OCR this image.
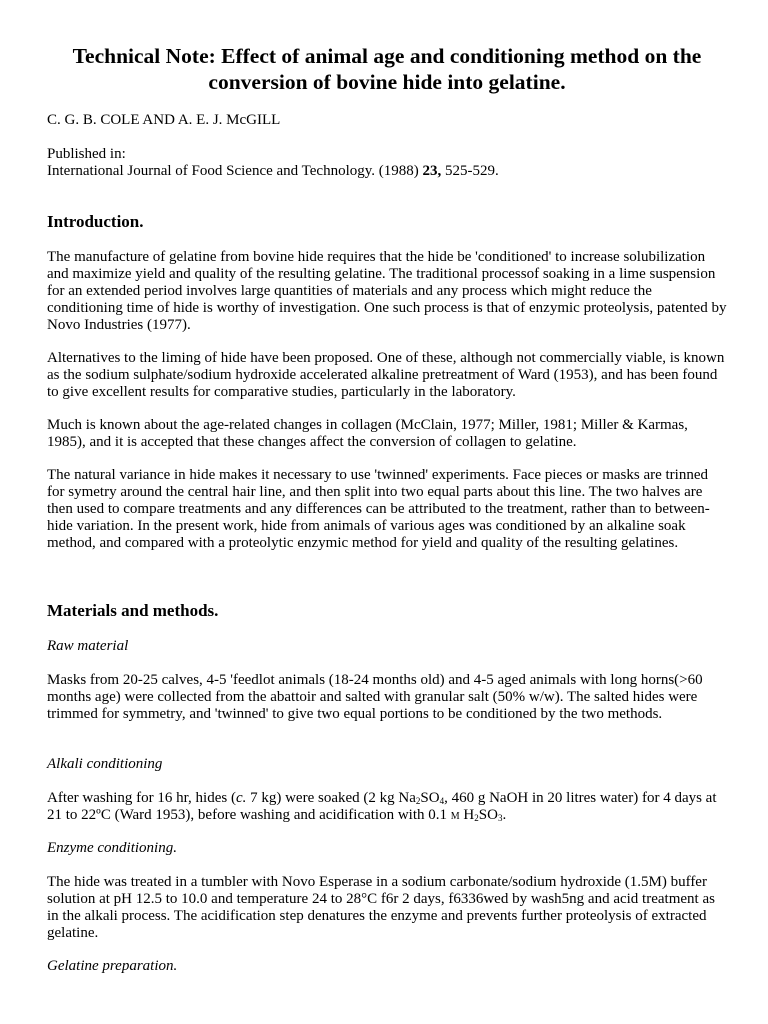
Technical Note: Effect of animal age and conditioning method on the conversion of bovine hide into gelatine.

C. G. B. COLE AND A. E. J. McGILL

Published in:
International Journal of Food Science and Technology. (1988) 23, 525-529.
Introduction.

The manufacture of gelatine from bovine hide requires that the hide be 'conditioned' to increase solubilization and maximize yield and quality of the resulting gelatine. The traditional processof soaking in a lime suspension for an extended period involves large quantities of materials and any process which might reduce the conditioning time of hide is worthy of investigation. One such process is that of enzymic proteolysis, patented by Novo Industries (1977).

Alternatives to the liming of hide have been proposed. One of these, although not commercially viable, is known as the sodium sulphate/sodium hydroxide accelerated alkaline pretreatment of Ward (1953), and has been found to give excellent results for comparative studies, particularly in the laboratory.

Much is known about the age-related changes in collagen (McClain, 1977; Miller, 1981; Miller & Karmas, 1985), and it is accepted that these changes affect the conversion of collagen to gelatine.

The natural variance in hide makes it necessary to use 'twinned' experiments. Face pieces or masks are trinned for symetry around the central hair line, and then split into two equal parts about this line. The two halves are then used to compare treatments and any differences can be attributed to the treatment, rather than to between-hide variation. In the present work, hide from animals of various ages was conditioned by an alkaline soak method, and compared with a proteolytic enzymic method for yield and quality of the resulting gelatines.

Materials and methods.
Raw material

Masks from 20-25 calves, 4-5 'feedlot animals (18-24 months old) and 4-5 aged animals with long horns(>60 months age) were collected from the abattoir and salted with granular salt (50% w/w). The salted hides were trimmed for symmetry, and 'twinned' to give two equal portions to be conditioned by the two methods.

Alkali conditioning

After washing for 16 hr, hides (c. 7 kg) were soaked (2 kg $Na_2SO_4$, 460 g NaOH in 20 litres water) for 4 days at 21 to 22ºC (Ward 1953), before washing and acidification with 0.1 M $H_2SO_3$.

Enzyme conditioning.

The hide was treated in a tumbler with Novo Esperase in a sodium carbonate/sodium hydroxide (1.5M) buffer solution at pH 12.5 to 10.0 and temperature 24 to 28°C f6r 2 days, f6336wed by wash5ng and acid treatment as in the alkali process. The acidification step denatures the enzyme and prevents further proteolysis of extracted gelatine.

Gelatine preparation.
